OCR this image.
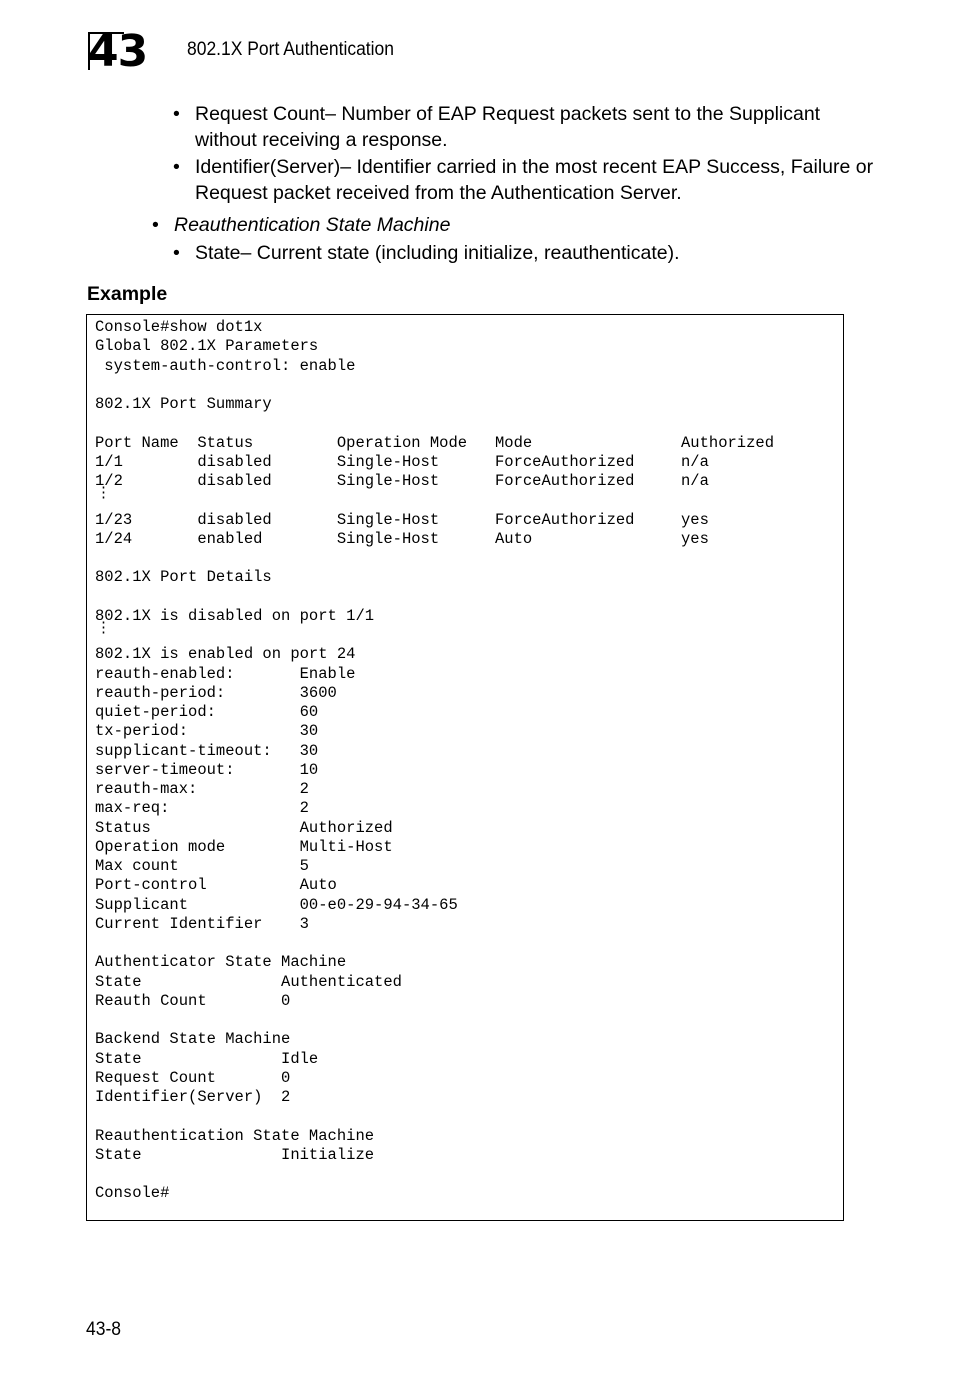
43 802.1X Port Authentication
• Request Count– Number of EAP Request packets sent to the Supplicant without receiving a response.
• Identifier(Server)– Identifier carried in the most recent EAP Success, Failure or Request packet received from the Authentication Server.
• Reauthentication State Machine
• State– Current state (including initialize, reauthenticate).
Example
Console#show dot1x
Global 802.1X Parameters
system-auth-control: enable

802.1X Port Summary

Port Name  Status         Operation Mode   Mode                Authorized
1/1        disabled       Single-Host      ForceAuthorized     n/a
1/2        disabled       Single-Host      ForceAuthorized     n/a

⋮
1/23       disabled       Single-Host      ForceAuthorized     yes
1/24       enabled        Single-Host      Auto                yes

802.1X Port Details

802.1X is disabled on port 1/1

⋮
802.1X is enabled on port 24
reauth-enabled:       Enable
reauth-period:        3600
quiet-period:         60
tx-period:            30
supplicant-timeout:   30
server-timeout:       10
reauth-max:           2
max-req:              2
Status                Authorized
Operation mode        Multi-Host
Max count             5
Port-control          Auto
Supplicant            00-e0-29-94-34-65
Current Identifier    3

Authenticator State Machine
State               Authenticated
Reauth Count        0

Backend State Machine
State               Idle
Request Count       0
Identifier(Server)  2

Reauthentication State Machine
State               Initialize

Console#
43-8
